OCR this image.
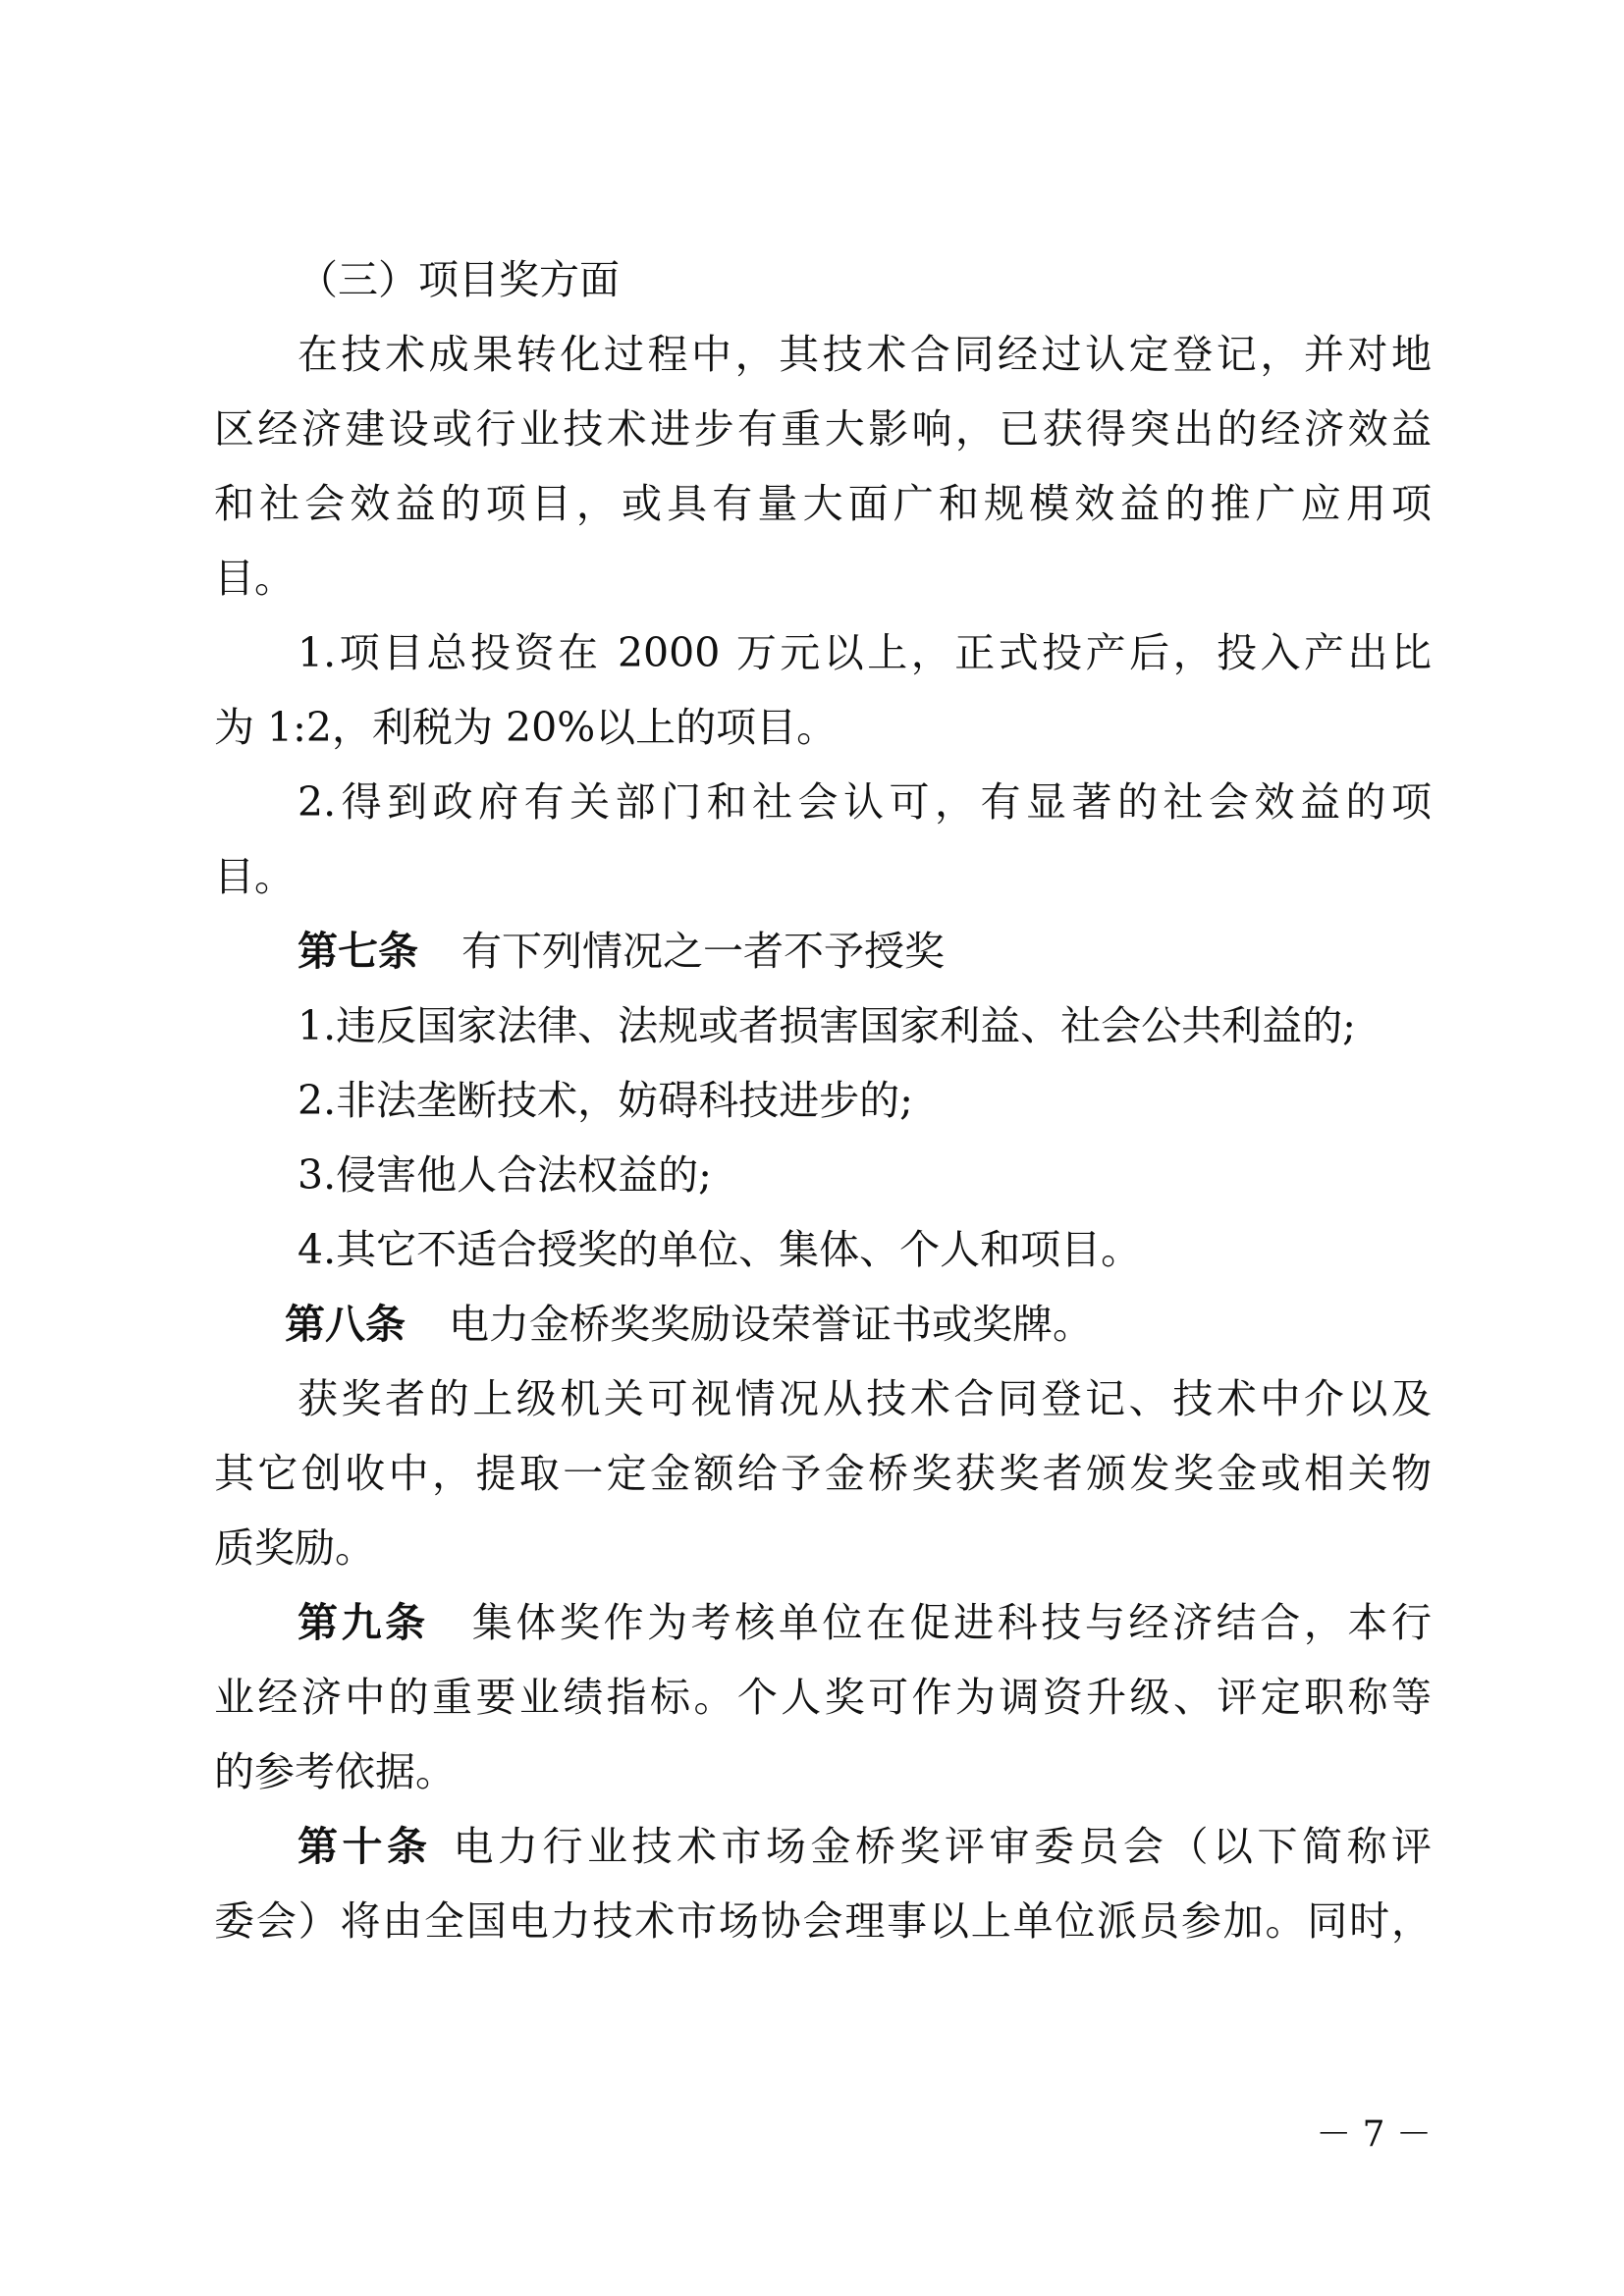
（三）项目奖方面
在技术成果转化过程中，其技术合同经过认定登记，并对地
区经济建设或行业技术进步有重大影响，已获得突出的经济效益
和社会效益的项目，或具有量大面广和规模效益的推广应用项
目。
1.项目总投资在 2000 万元以上，正式投产后，投入产出比
为 1:2，利税为 20%以上的项目。
2.得到政府有关部门和社会认可，有显著的社会效益的项
目。
第七条 有下列情况之一者不予授奖
1.违反国家法律、法规或者损害国家利益、社会公共利益的;
2.非法垄断技术，妨碍科技进步的;
3.侵害他人合法权益的;
4.其它不适合授奖的单位、集体、个人和项目。
第八条 电力金桥奖奖励设荣誉证书或奖牌。
获奖者的上级机关可视情况从技术合同登记、技术中介以及
其它创收中，提取一定金额给予金桥奖获奖者颁发奖金或相关物
质奖励。
第九条 集体奖作为考核单位在促进科技与经济结合，本行
业经济中的重要业绩指标。个人奖可作为调资升级、评定职称等
的参考依据。
第十条 电力行业技术市场金桥奖评审委员会（以下简称评
委会）将由全国电力技术市场协会理事以上单位派员参加。同时，
－ 7 －
